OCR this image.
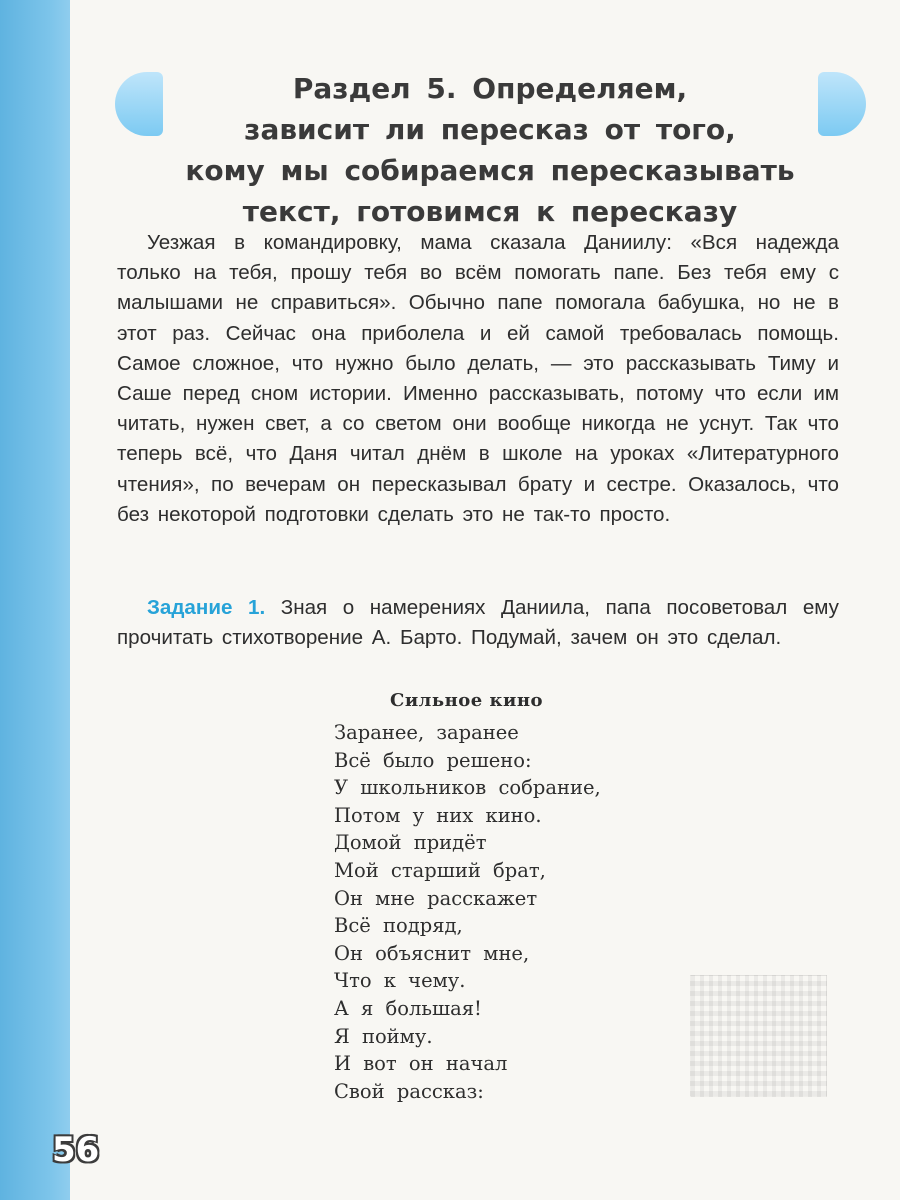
Раздел 5. Определяем,
зависит ли пересказ от того,
кому мы собираемся пересказывать
текст, готовимся к пересказу

Уезжая в командировку, мама сказала Даниилу: «Вся надежда только на тебя, прошу тебя во всём помогать папе. Без тебя ему с малышами не справиться». Обычно папе помогала бабушка, но не в этот раз. Сейчас она приболела и ей самой требовалась помощь. Самое сложное, что нужно было делать, — это рассказывать Тиму и Саше перед сном истории. Именно рассказывать, потому что если им читать, нужен свет, а со светом они вообще никогда не уснут. Так что теперь всё, что Даня читал днём в школе на уроках «Литературного чтения», по вечерам он пересказывал брату и сестре. Оказалось, что без некоторой подготовки сделать это не так-то просто.

Задание 1. Зная о намерениях Даниила, папа посоветовал ему прочитать стихотворение А. Барто. Подумай, зачем он это сделал.

Сильное кино
Заранее, заранее
Всё было решено:
У школьников собрание,
Потом у них кино.
Домой придёт
Мой старший брат,
Он мне расскажет
Всё подряд,
Он объяснит мне,
Что к чему.
А я большая!
Я пойму.
И вот он начал
Свой рассказ:
56
